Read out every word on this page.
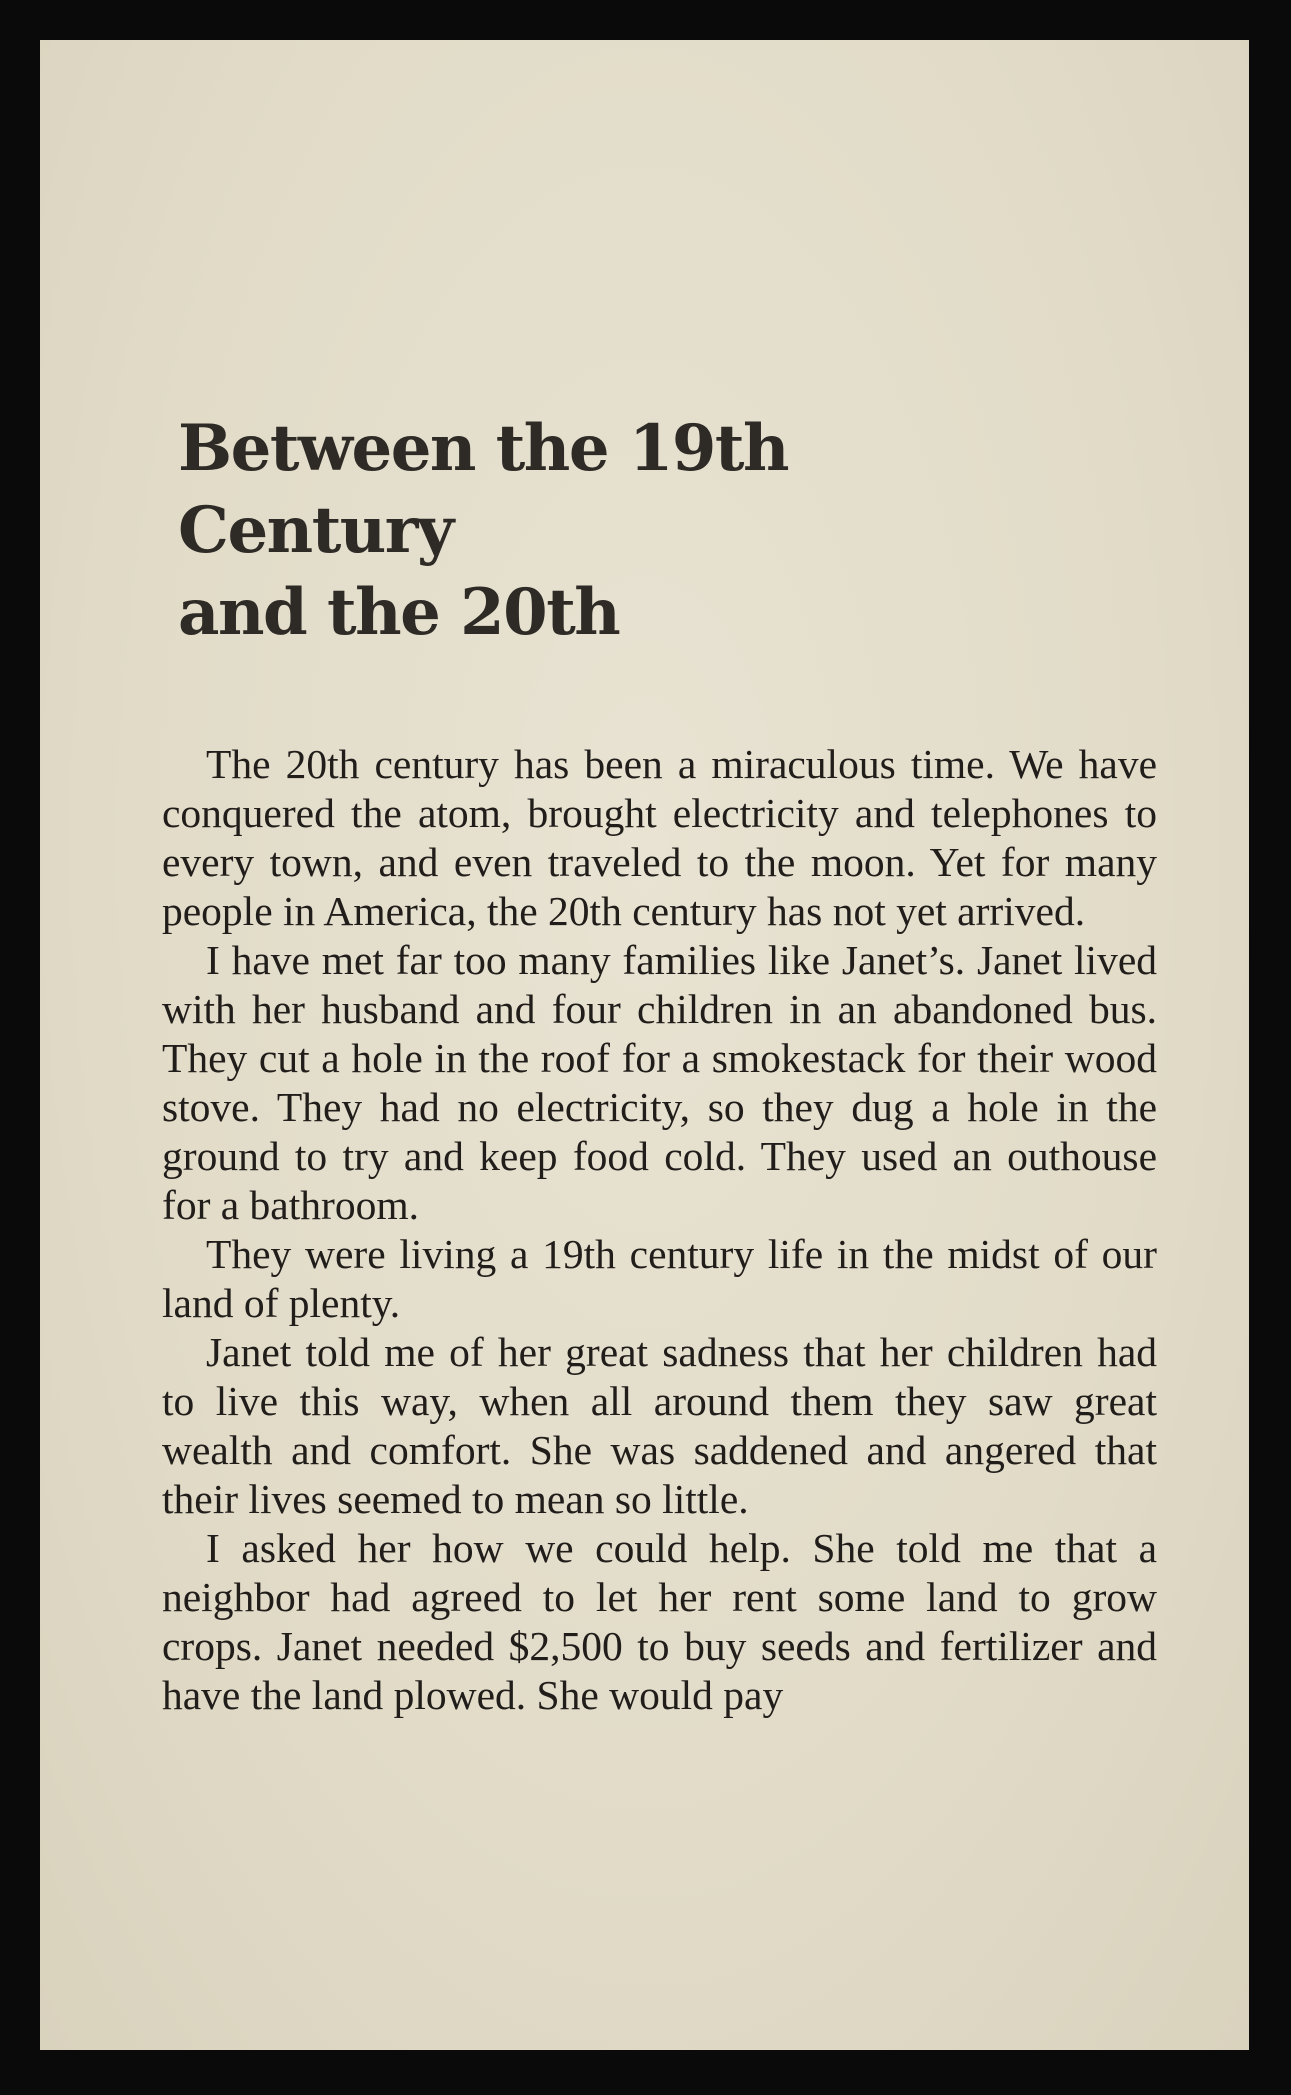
Between the 19th Century
and the 20th

The 20th century has been a miraculous time. We have conquered the atom, brought electricity and telephones to every town, and even traveled to the moon. Yet for many people in America, the 20th century has not yet arrived.

I have met far too many families like Janet’s. Janet lived with her husband and four children in an abandoned bus. They cut a hole in the roof for a smokestack for their wood stove. They had no electricity, so they dug a hole in the ground to try and keep food cold. They used an outhouse for a bathroom.

They were living a 19th century life in the midst of our land of plenty.

Janet told me of her great sadness that her children had to live this way, when all around them they saw great wealth and comfort. She was saddened and angered that their lives seemed to mean so little.

I asked her how we could help. She told me that a neighbor had agreed to let her rent some land to grow crops. Janet needed $2,500 to buy seeds and fertilizer and have the land plowed. She would pay
